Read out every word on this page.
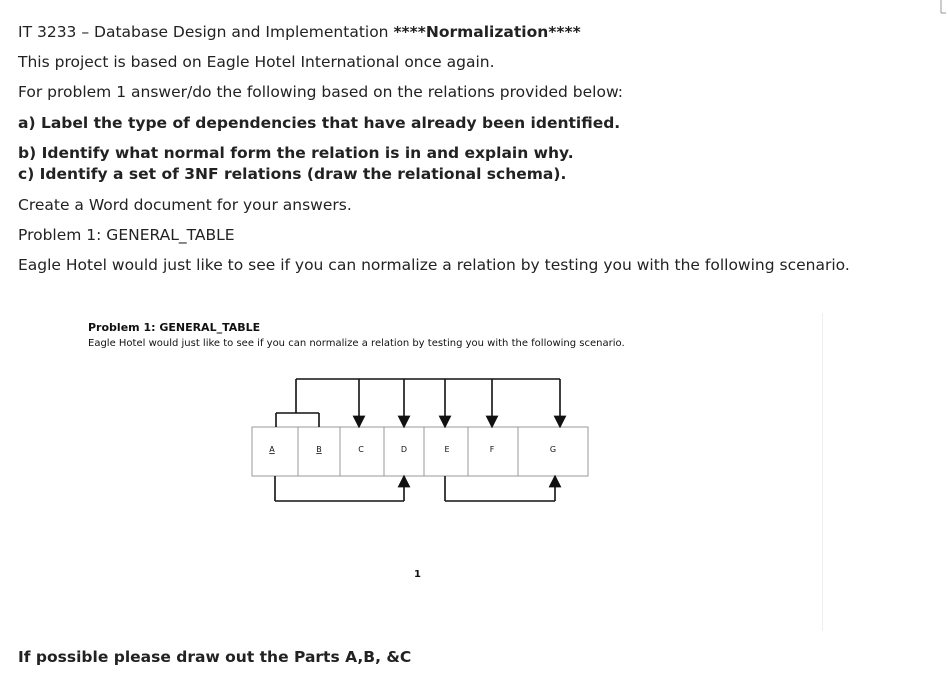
IT 3233 – Database Design and Implementation ****Normalization****
This project is based on Eagle Hotel International once again.
For problem 1 answer/do the following based on the relations provided below:
a) Label the type of dependencies that have already been identified.
b) Identify what normal form the relation is in and explain why.
c) Identify a set of 3NF relations (draw the relational schema).
Create a Word document for your answers.
Problem 1: GENERAL_TABLE
Eagle Hotel would just like to see if you can normalize a relation by testing you with the following scenario.
Problem 1: GENERAL_TABLE
Eagle Hotel would just like to see if you can normalize a relation by testing you with the following scenario.
A	B	C	D	E	F	G
1
If possible please draw out the Parts A,B, &C
